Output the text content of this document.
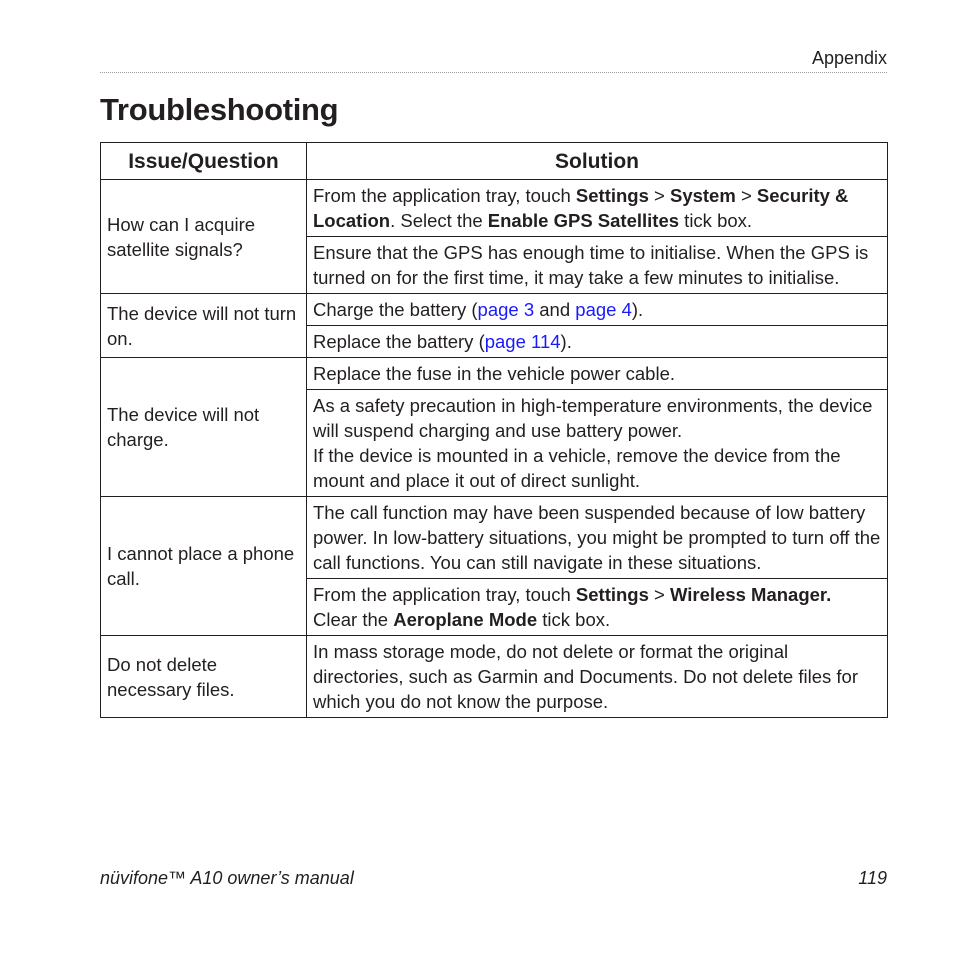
Appendix
Troubleshooting
Issue/Question	Solution
How can I acquire satellite signals?	From the application tray, touch Settings > System > Security & Location. Select the Enable GPS Satellites tick box.
	Ensure that the GPS has enough time to initialise. When the GPS is turned on for the first time, it may take a few minutes to initialise.
The device will not turn on.	Charge the battery (page 3 and page 4).
	Replace the battery (page 114).
The device will not charge.	Replace the fuse in the vehicle power cable.
	As a safety precaution in high-temperature environments, the device will suspend charging and use battery power.
If the device is mounted in a vehicle, remove the device from the mount and place it out of direct sunlight.
I cannot place a phone call.	The call function may have been suspended because of low battery power. In low-battery situations, you might be prompted to turn off the call functions. You can still navigate in these situations.
	From the application tray, touch Settings > Wireless Manager.
Clear the Aeroplane Mode tick box.
Do not delete necessary files.	In mass storage mode, do not delete or format the original directories, such as Garmin and Documents. Do not delete files for which you do not know the purpose.
nüvifone™ A10 owner’s manual	119
